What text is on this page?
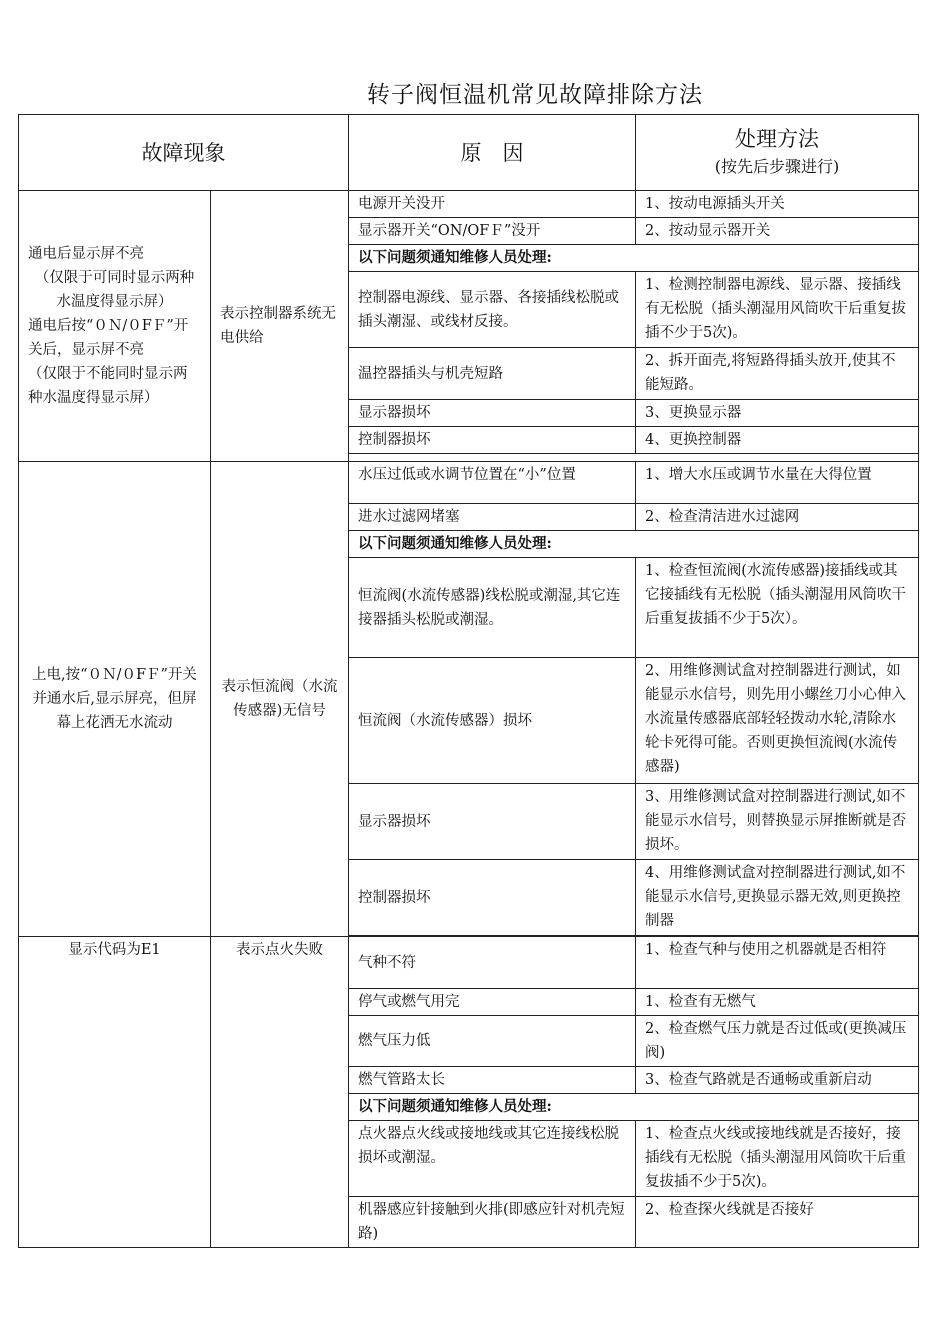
转子阀恒温机常见故障排除方法
故障现象		原　因	处理方法
(按先后步骤进行)

通电后显示屏不亮
（仅限于可同时显示两种水温度得显示屏）
通电后按“０Ｎ/０FＦ”开关后，显示屏不亮
（仅限于不能同时显示两种水温度得显示屏）	表示控制器系统无电供给	电源开关没开	1、按动电源插头开关
		显示器开关“ON/OFＦ”没开	2、按动显示器开关
		以下问题须通知维修人员处理:	
		控制器电源线、显示器、各接插线松脱或插头潮湿、或线材反接。	1、检测控制器电源线、显示器、接插线有无松脱（插头潮湿用风筒吹干后重复拔插不少于5次)。
		温控器插头与机壳短路	2、拆开面壳,将短路得插头放开,使其不能短路。
		显示器损坏	3、更换显示器
		控制器损坏	4、更换控制器

上电,按“０Ｎ/０FＦ”开关并通水后,显示屏亮，但屏幕上花洒无水流动	表示恒流阀（水流传感器)无信号	水压过低或水调节位置在“小”位置	1、增大水压或调节水量在大得位置
		进水过滤网堵塞	2、检查清洁进水过滤网
		以下问题须通知维修人员处理:	
		恒流阀(水流传感器)线松脱或潮湿,其它连接器插头松脱或潮湿。	1、检查恒流阀(水流传感器)接插线或其它接插线有无松脱（插头潮湿用风筒吹干后重复拔插不少于5次）。
		恒流阀（水流传感器）损坏	2、用维修测试盒对控制器进行测试，如能显示水信号，则先用小螺丝刀小心伸入水流量传感器底部轻轻拨动水轮,清除水轮卡死得可能。否则更换恒流阀(水流传感器)
		显示器损坏	3、用维修测试盒对控制器进行测试,如不能显示水信号，则替换显示屏推断就是否损坏。
		控制器损坏	4、用维修测试盒对控制器进行测试,如不能显示水信号,更换显示器无效,则更换控制器

显示代码为E1	表示点火失败	气种不符	1、检查气种与使用之机器就是否相符
		停气或燃气用完	1、检查有无燃气
		燃气压力低	2、检查燃气压力就是否过低或(更换减压阀)
		燃气管路太长	3、检查气路就是否通畅或重新启动
		以下问题须通知维修人员处理:	
		点火器点火线或接地线或其它连接线松脱损坏或潮湿。	1、检查点火线或接地线就是否接好，接插线有无松脱（插头潮湿用风筒吹干后重复拔插不少于5次)。
		机器感应针接触到火排(即感应针对机壳短路)	2、检查探火线就是否接好
